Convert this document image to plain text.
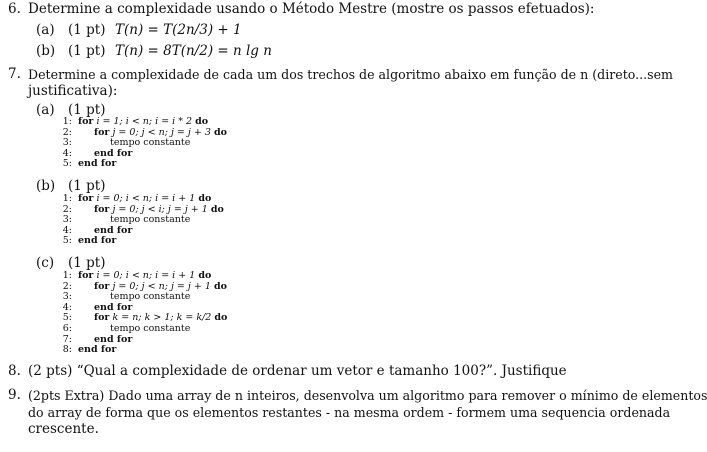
6. Determine a complexidade usando o Método Mestre (mostre os passos efetuados):
(a) (1 pt) T(n) = T(2n/3) + 1
(b) (1 pt) T(n) = 8T(n/2) = n lg n
7. Determine a complexidade de cada um dos trechos de algoritmo abaixo em função de n (direto...sem
justificativa):
(a) (1 pt)
1: for i = 1; i < n; i = i * 2 do
2: for j = 0; j < n; j = j + 3 do
3:	tempo constante
4: end for
5: end for
(b) (1 pt)
1: for i = 0; i < n; i = i + 1 do
2: for j = 0; j < i; j = j + 1 do
3:	tempo constante
4: end for
5: end for
(c) (1 pt)
1: for i = 0; i < n; i = i + 1 do
2: for j = 0; j < n; j = j + 1 do
3:	tempo constante
4: end for
5: for k = n; k > 1; k = k/2 do
6:	tempo constante
7: end for
8: end for
8. (2 pts) “Qual a complexidade de ordenar um vetor e tamanho 100?”. Justifique
9. (2pts Extra) Dado uma array de n inteiros, desenvolva um algoritmo para remover o mínimo de elementos
do array de forma que os elementos restantes - na mesma ordem - formem uma sequencia ordenada
crescente.
